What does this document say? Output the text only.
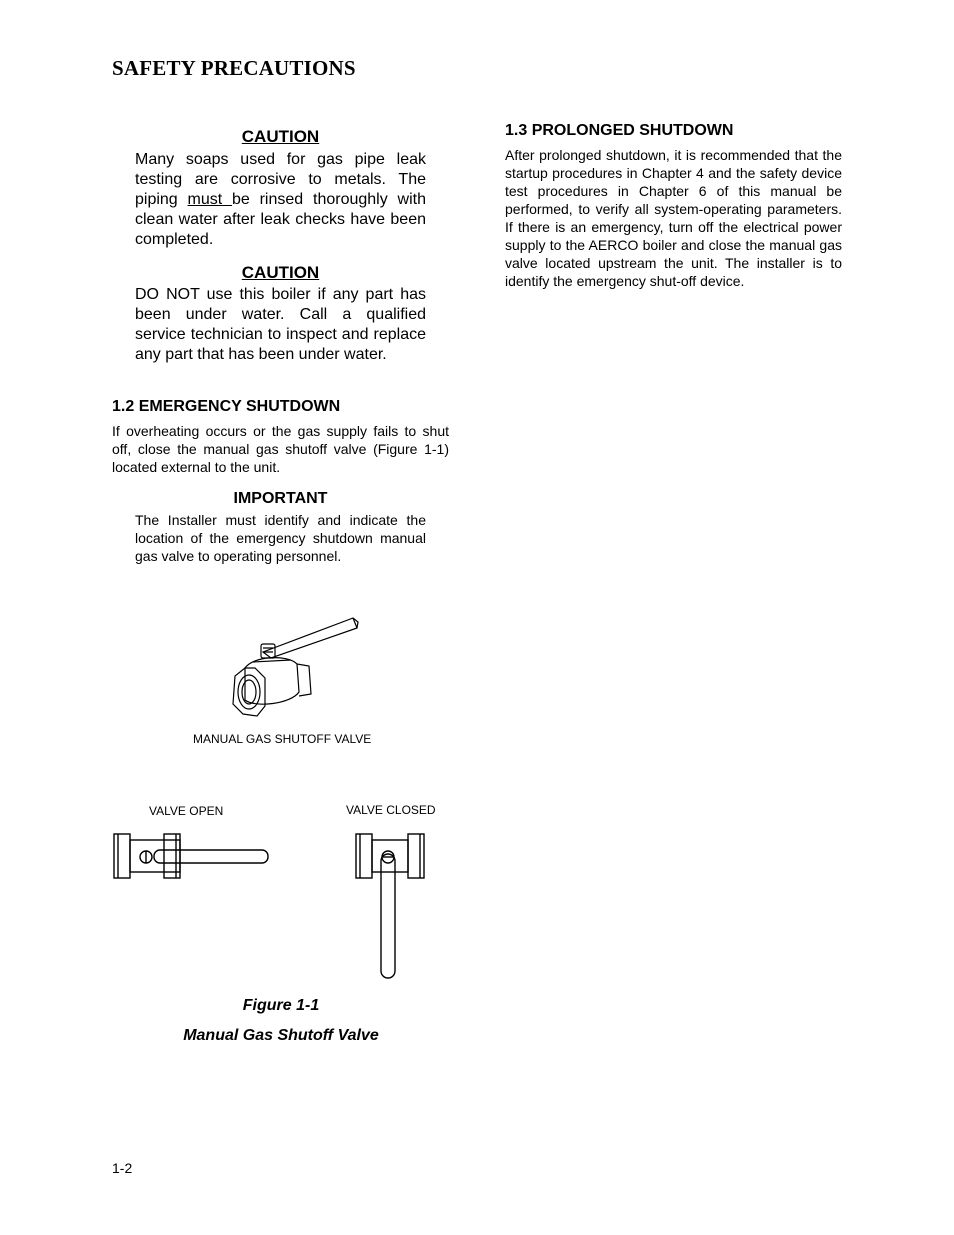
SAFETY PRECAUTIONS
CAUTION

Many soaps used for gas pipe leak testing are corrosive to metals. The piping must be rinsed thoroughly with clean water after leak checks have been completed.

CAUTION

DO NOT use this boiler if any part has been under water. Call a qualified service technician to inspect and replace any part that has been under water.

1.2 EMERGENCY SHUTDOWN

If overheating occurs or the gas supply fails to shut off, close the manual gas shutoff valve (Figure 1-1) located external to the unit.

IMPORTANT

The Installer must identify and indicate the location of the emergency shutdown manual gas valve to operating personnel.

MANUAL GAS SHUTOFF VALVE
VALVE OPEN	VALVE CLOSED
Figure 1-1
Manual Gas Shutoff Valve
1.3 PROLONGED SHUTDOWN

After prolonged shutdown, it is recommended that the startup procedures in Chapter 4 and the safety device test procedures in Chapter 6 of this manual be performed, to verify all system-operating parameters. If there is an emergency, turn off the electrical power supply to the AERCO boiler and close the manual gas valve located upstream the unit. The installer is to identify the emergency shut-off device.

1-2
